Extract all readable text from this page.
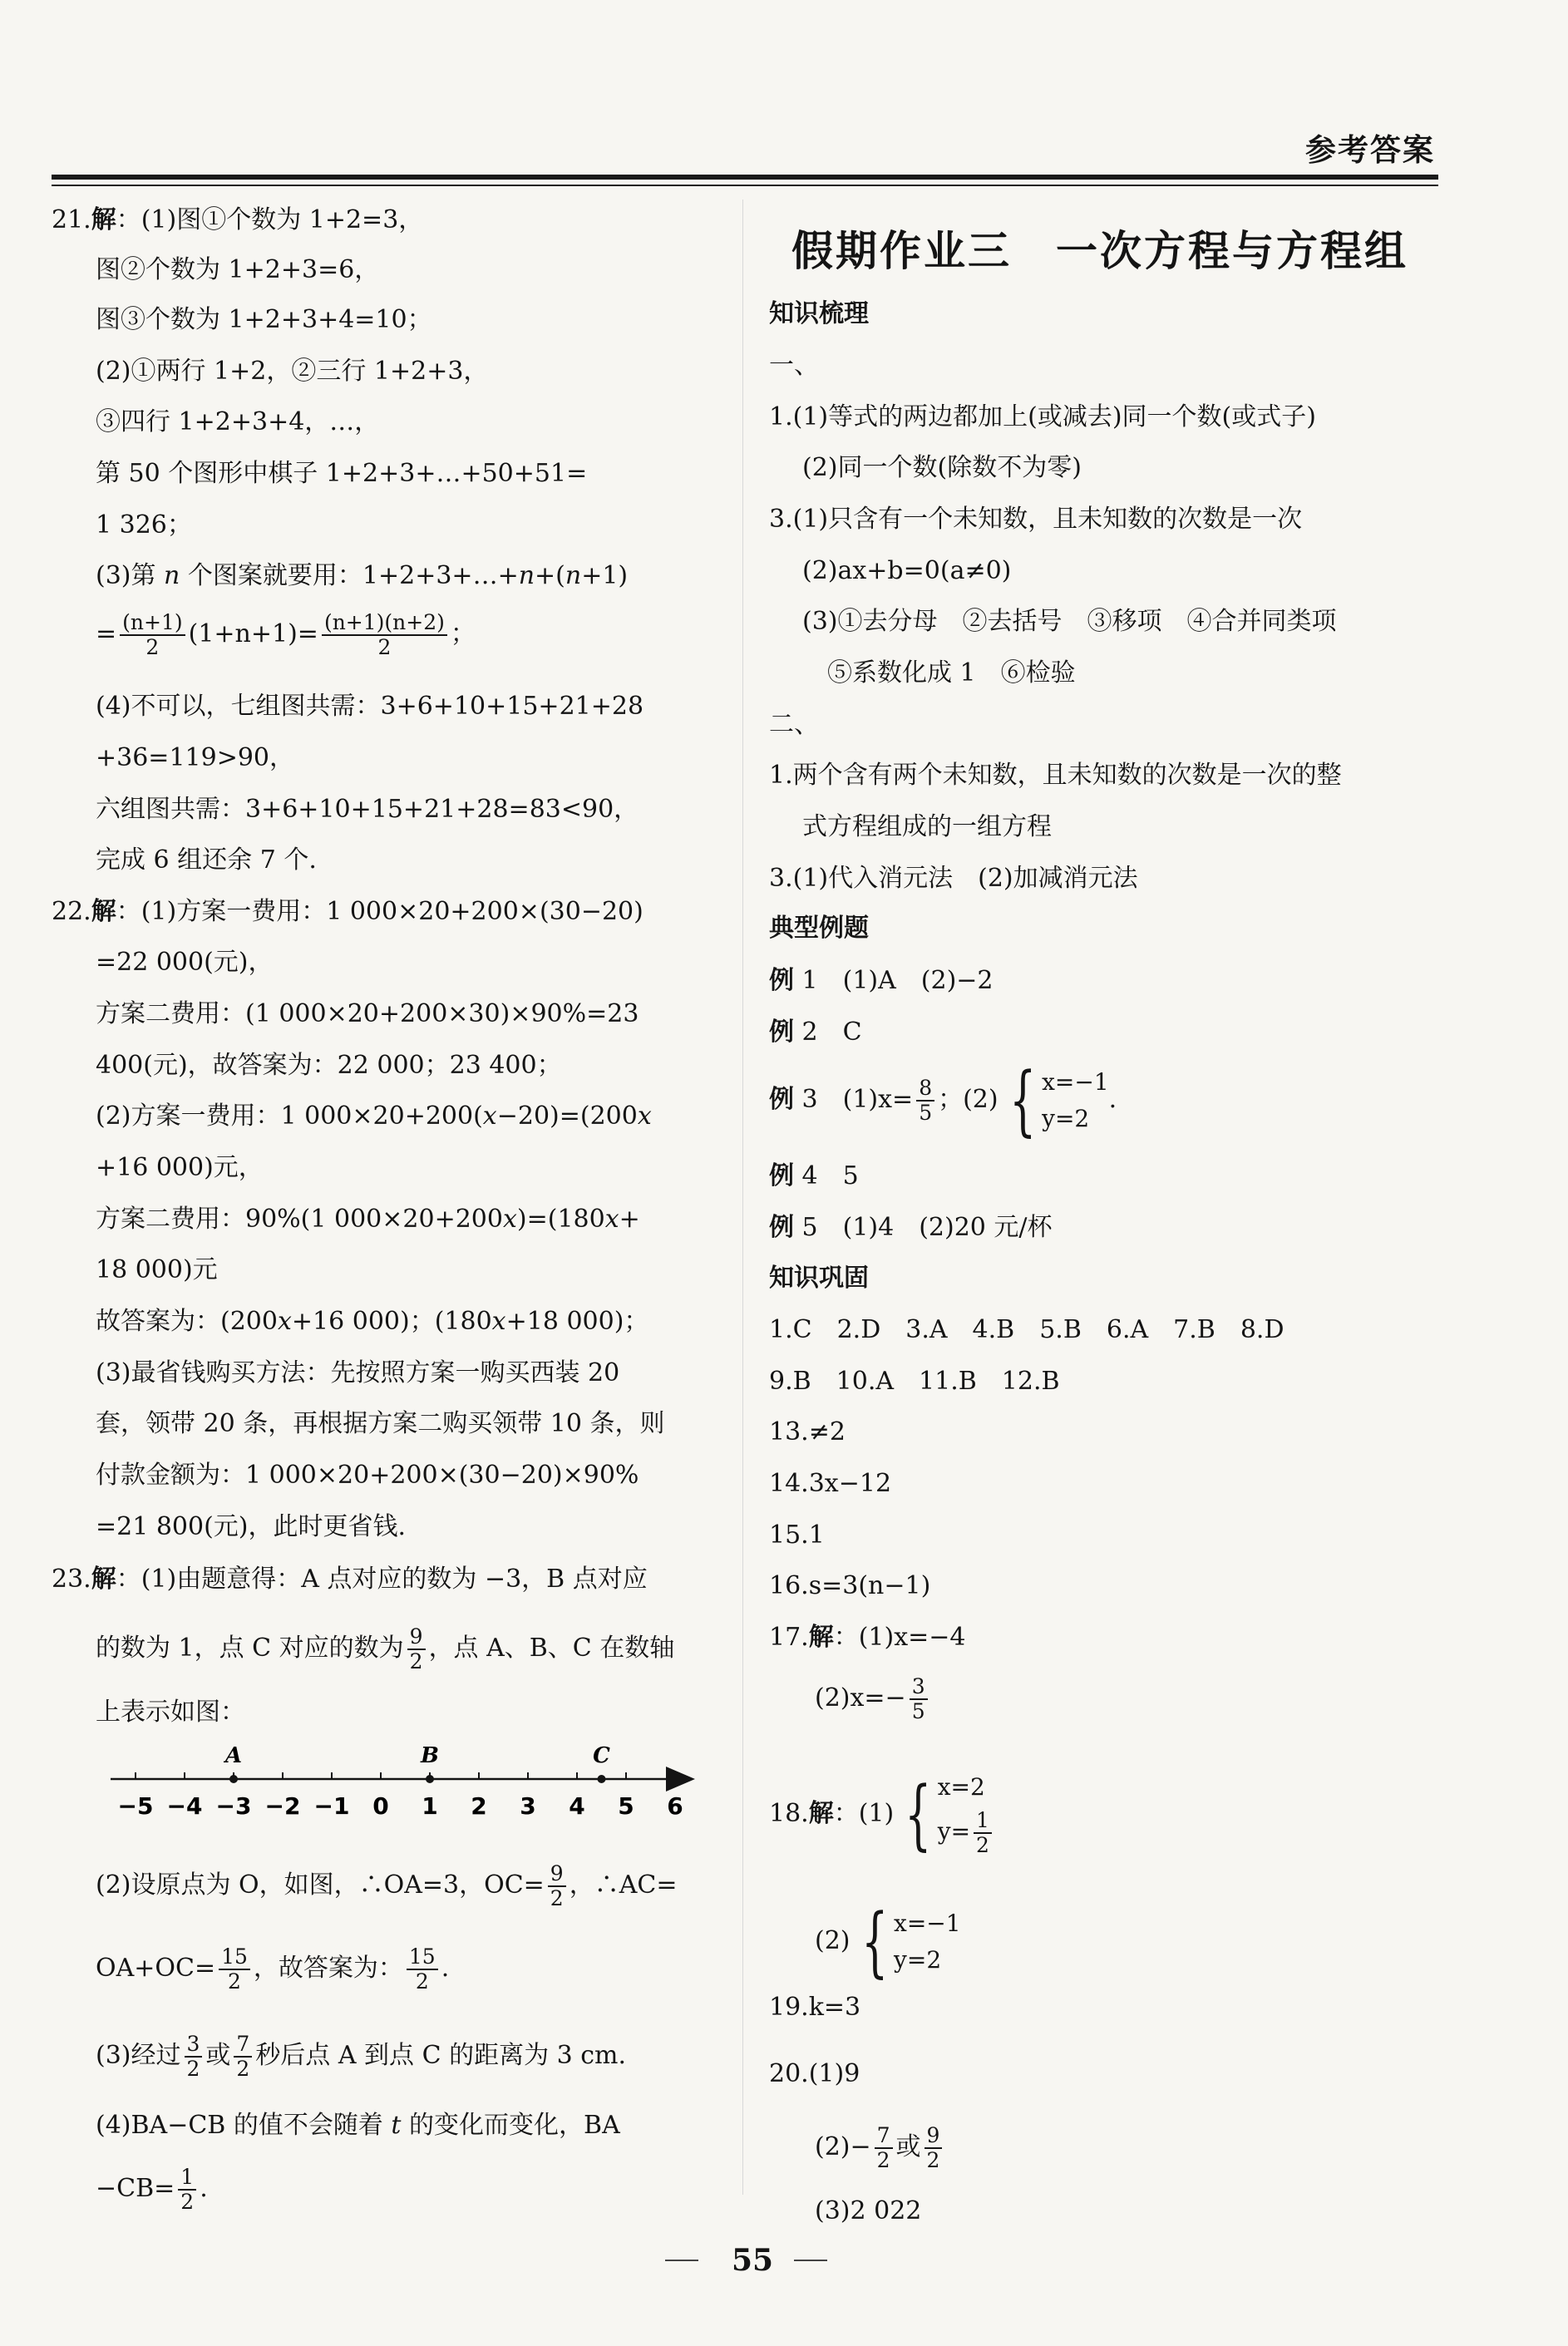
参考答案
21.解：(1)图①个数为 1+2=3，
图②个数为 1+2+3=6，
图③个数为 1+2+3+4=10；
(2)①两行 1+2，②三行 1+2+3，
③四行 1+2+3+4，…，
第 50 个图形中棋子 1+2+3+…+50+51=
1 326；
(3)第 n 个图案就要用：1+2+3+…+n+(n+1)
= $\frac{(n+1)}{2} (1+n+1)= \frac{(n+1)(n+2)}{2}$ ；
(4)不可以，七组图共需：3+6+10+15+21+28
+36=119>90，
六组图共需：3+6+10+15+21+28=83<90，
完成 6 组还余 7 个.
22.解：(1)方案一费用：1 000×20+200×(30−20)
=22 000(元)，
方案二费用：(1 000×20+200×30)×90%=23
400(元)，故答案为：22 000；23 400；
(2)方案一费用：1 000×20+200(x−20)=(200x
+16 000)元，
方案二费用：90%(1 000×20+200x)=(180x+
18 000)元
故答案为：(200x+16 000)；(180x+18 000)；
(3)最省钱购买方法：先按照方案一购买西装 20
套，领带 20 条，再根据方案二购买领带 10 条，则
付款金额为：1 000×20+200×(30−20)×90%
=21 800(元)，此时更省钱.
23.解：(1)由题意得：A 点对应的数为 −3，B 点对应
的数为 1，点 C 对应的数为 $\frac{9}{2}$ ，点 A、B、C 在数轴
上表示如图：
−5 −4 −3 −2 −1 0 1 2 3 4 5 6
A	B	C
(2)设原点为 O，如图，∴OA=3，$OC= \frac{9}{2}$ ，∴AC=
$OA+OC= \frac{15}{2}$ ，故答案为： $\frac{15}{2}$ .
(3)经过 $\frac{3}{2}$ 或 $\frac{7}{2}$ 秒后点 A 到点 C 的距离为 3 cm.
(4)BA−CB 的值不会随着 t 的变化而变化，BA
$-CB= \frac{1}{2}$ .
假期作业三　一次方程与方程组
知识梳理
一、
1.(1)等式的两边都加上(或减去)同一个数(或式子)
(2)同一个数(除数不为零)
3.(1)只含有一个未知数，且未知数的次数是一次
(2)ax+b=0(a≠0)
(3)①去分母　②去括号　③移项　④合并同类项
⑤系数化成 1　⑥检验
二、
1.两个含有两个未知数，且未知数的次数是一次的整
式方程组成的一组方程
3.(1)代入消元法　(2)加减消元法
典型例题
例 1　 (1)A　(2)−2
例 2　 C
例 3　 $(1)x= \frac{8}{5}$ ；(2) { x=−1
y=2
.
例 4　 5
例 5　 (1)4　(2)20 元/杯
知识巩固
1.C　2.D　3.A　4.B　5.B　6.A　7.B　8.D
9.B　10.A　11.B　12.B
13.≠2
14.3x−12
15.1
16.s=3(n−1)
17.解：(1)x=−4
$(2)x=- \frac{3}{5}$
18.解：(1) { x=2
$y= \frac{1}{2}$
(2) { x=−1
y=2
19.k=3
20.(1)9
$(2)- \frac{7}{2}$ 或 $\frac{9}{2}$
(3)2 022
55
